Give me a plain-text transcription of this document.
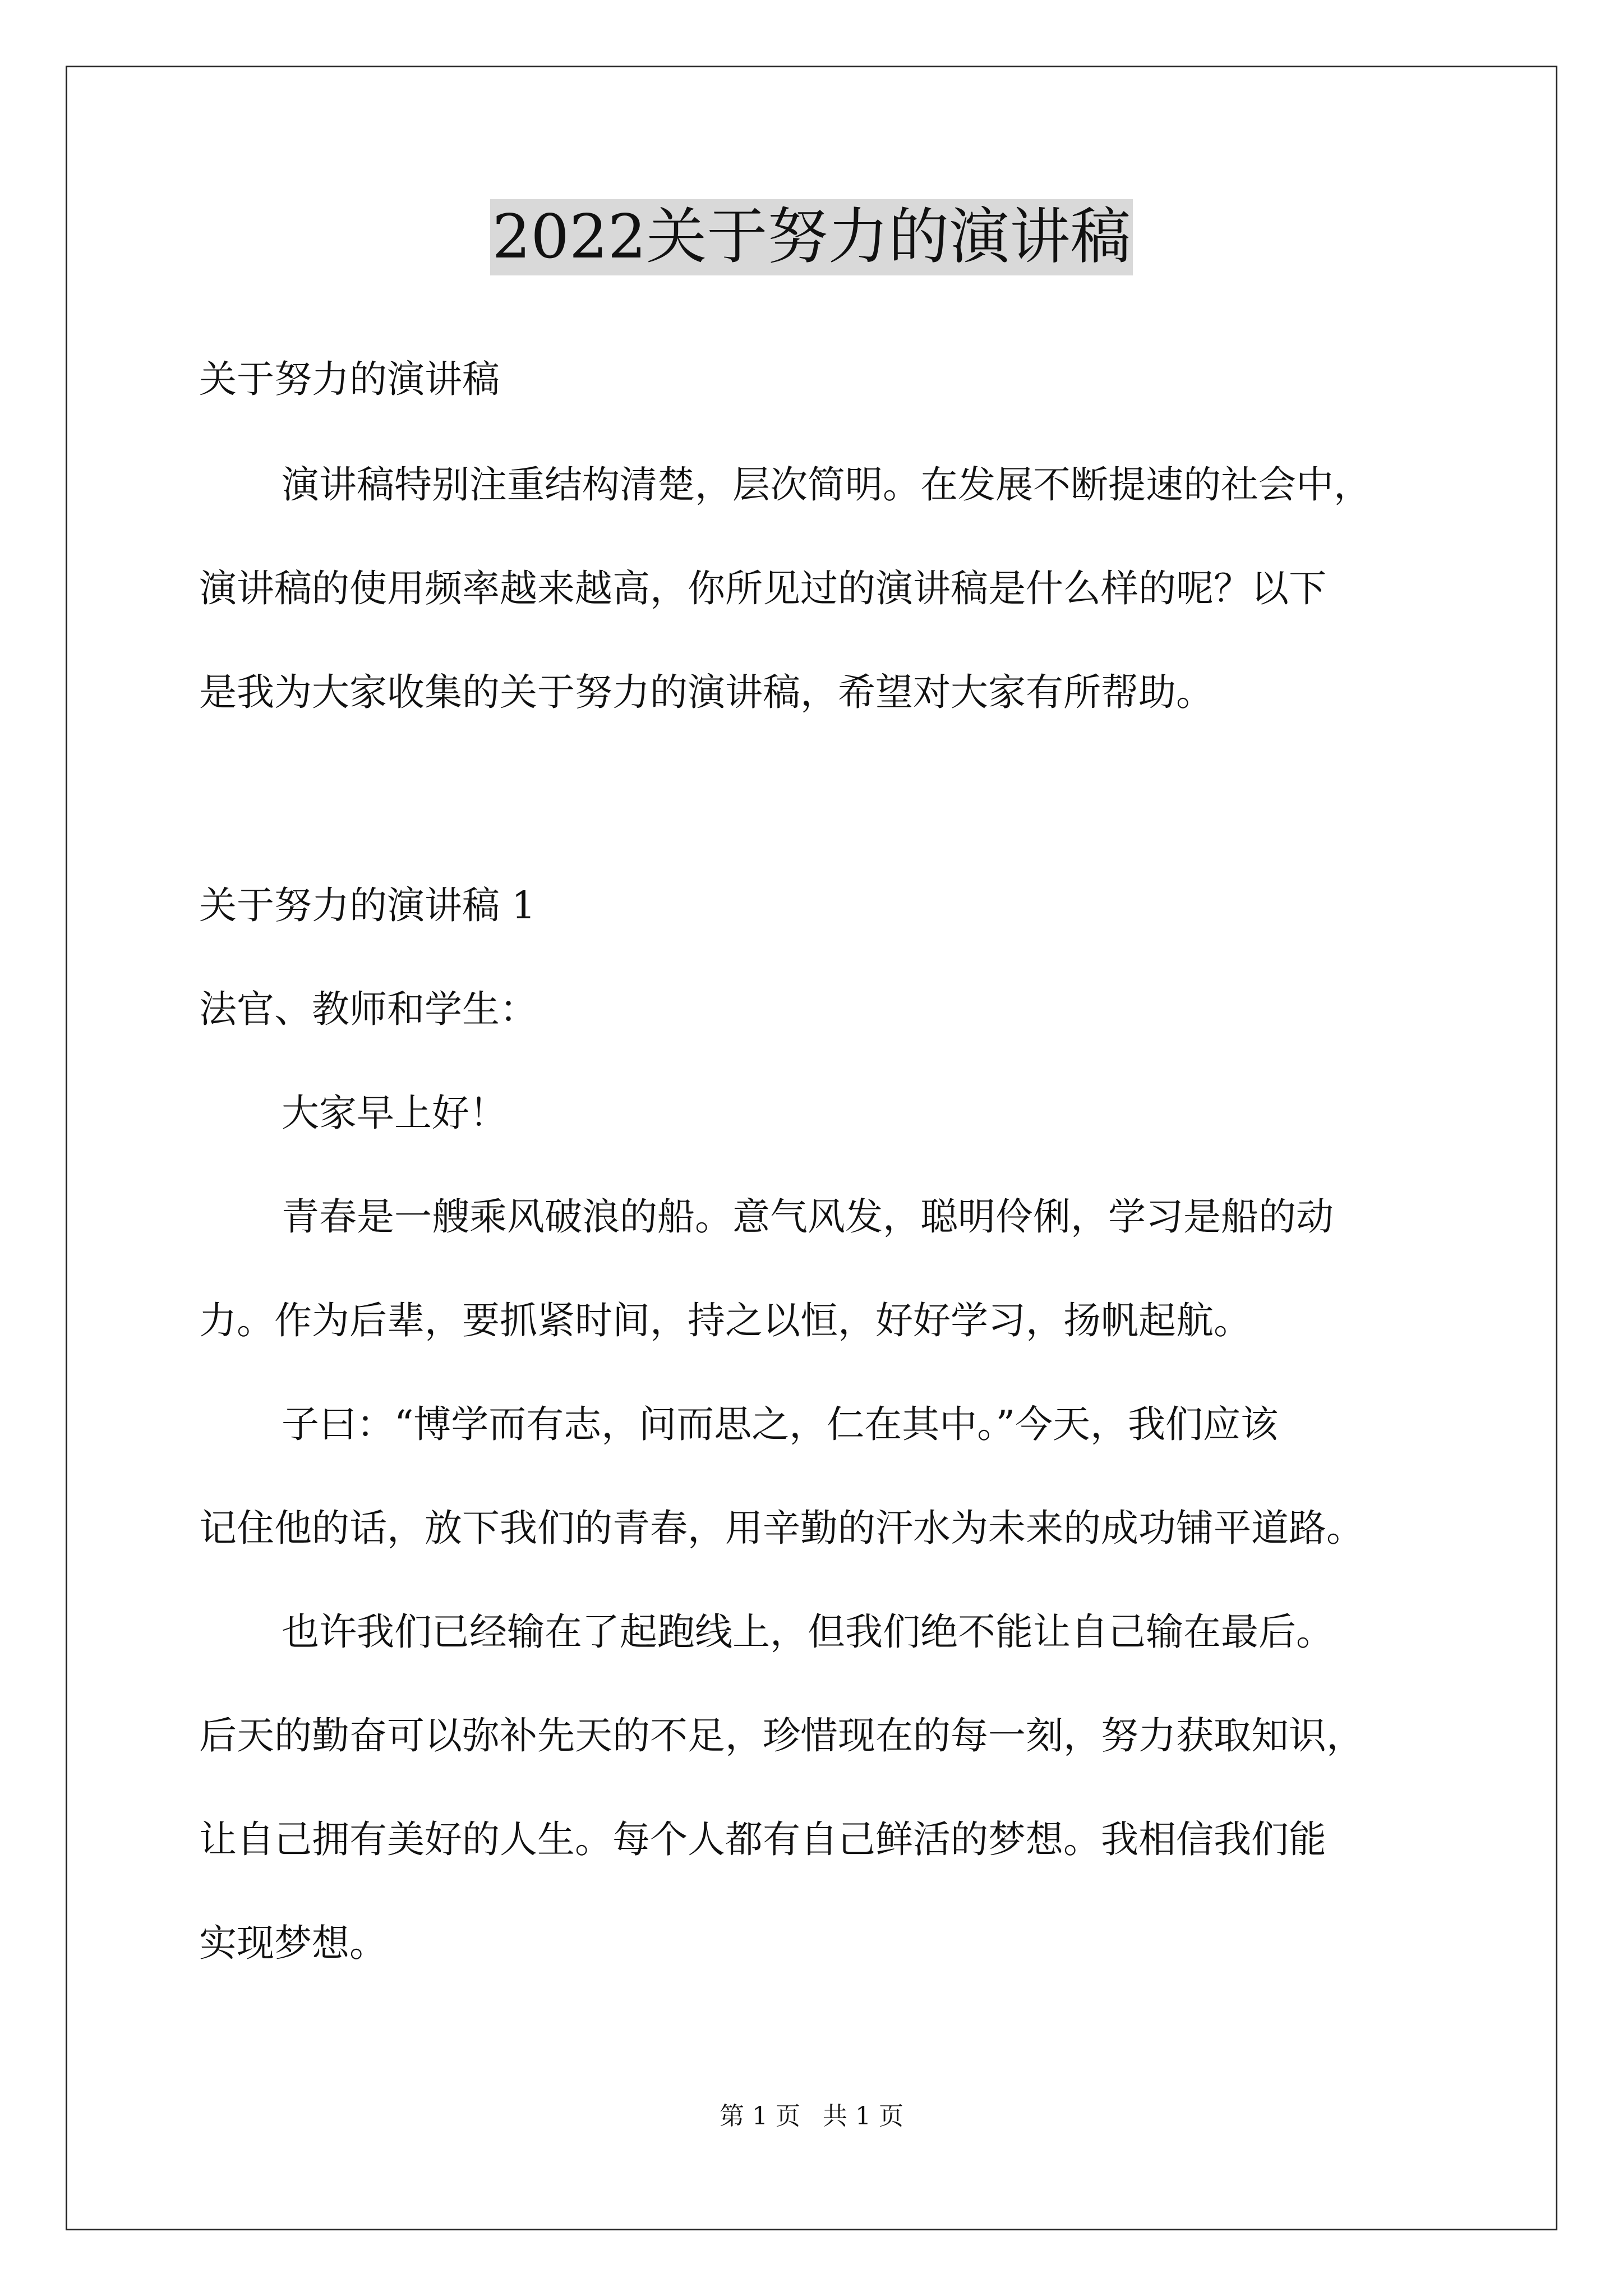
2022关于努力的演讲稿
关于努力的演讲稿
演讲稿特别注重结构清楚，层次简明。在发展不断提速的社会中，
演讲稿的使用频率越来越高，你所见过的演讲稿是什么样的呢？以下
是我为大家收集的关于努力的演讲稿，希望对大家有所帮助。
关于努力的演讲稿 1
法官、教师和学生：
大家早上好！
青春是一艘乘风破浪的船。意气风发，聪明伶俐，学习是船的动
力。作为后辈，要抓紧时间，持之以恒，好好学习，扬帆起航。
子曰：“博学而有志，问而思之，仁在其中。”今天，我们应该
记住他的话，放下我们的青春，用辛勤的汗水为未来的成功铺平道路。
也许我们已经输在了起跑线上，但我们绝不能让自己输在最后。
后天的勤奋可以弥补先天的不足，珍惜现在的每一刻，努力获取知识，
让自己拥有美好的人生。每个人都有自己鲜活的梦想。我相信我们能
实现梦想。
第 1 页 共 1 页
